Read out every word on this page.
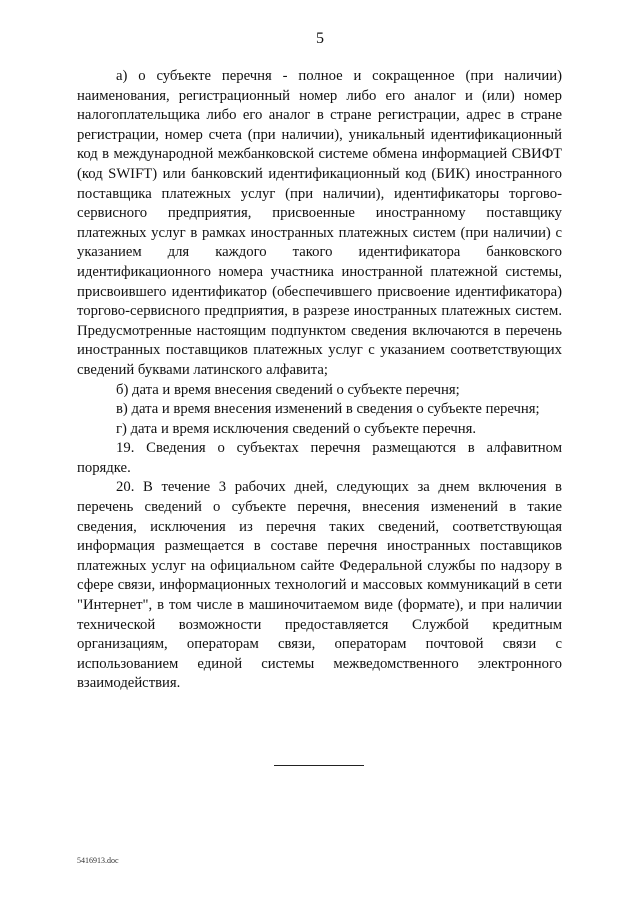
5

а) о субъекте перечня - полное и сокращенное (при наличии) наименования, регистрационный номер либо его аналог и (или) номер налогоплательщика либо его аналог в стране регистрации, адрес в стране регистрации, номер счета (при наличии), уникальный идентификационный код в международной межбанковской системе обмена информацией СВИФТ (код SWIFT) или банковский идентификационный код (БИК) иностранного поставщика платежных услуг (при наличии), идентификаторы торгово-сервисного предприятия, присвоенные иностранному поставщику платежных услуг в рамках иностранных платежных систем (при наличии) с указанием для каждого такого идентификатора банковского идентификационного номера участника иностранной платежной системы, присвоившего идентификатор (обеспечившего присвоение идентификатора) торгово-сервисного предприятия, в разрезе иностранных платежных систем. Предусмотренные настоящим подпунктом сведения включаются в перечень иностранных поставщиков платежных услуг с указанием соответствующих сведений буквами латинского алфавита;

б) дата и время внесения сведений о субъекте перечня;

в) дата и время внесения изменений в сведения о субъекте перечня;

г) дата и время исключения сведений о субъекте перечня.

19. Сведения о субъектах перечня размещаются в алфавитном порядке.

20. В течение 3 рабочих дней, следующих за днем включения в перечень сведений о субъекте перечня, внесения изменений в такие сведения, исключения из перечня таких сведений, соответствующая информация размещается в составе перечня иностранных поставщиков платежных услуг на официальном сайте Федеральной службы по надзору в сфере связи, информационных технологий и массовых коммуникаций в сети "Интернет", в том числе в машиночитаемом виде (формате), и при наличии технической возможности предоставляется Службой кредитным организациям, операторам связи, операторам почтовой связи с использованием единой системы межведомственного электронного взаимодействия.

5416913.doc
